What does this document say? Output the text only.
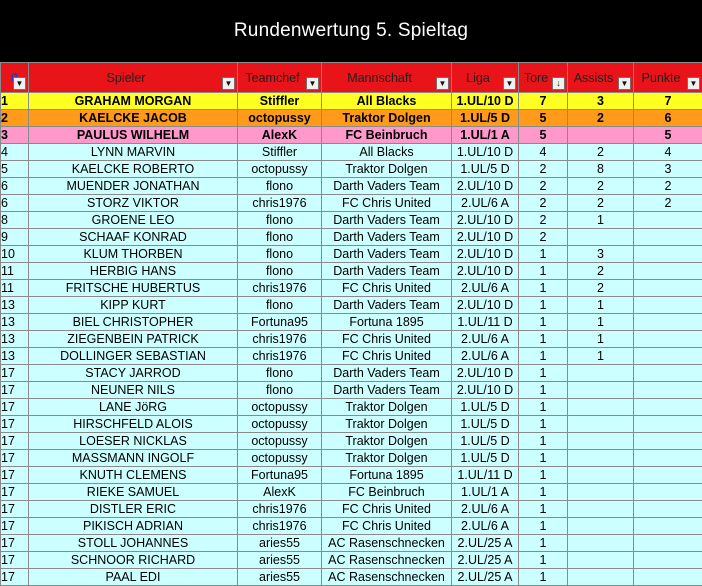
Rundenwertung 5. Spieltag
▼	Spieler ▼	Teamchef ▼	Mannschaft ▼	Liga ▼	Tore ↓	Assists ▼	Punkte ▼

1	GRAHAM MORGAN	Stiffler	All Blacks	1.UL/10 D	7	3	7
2	KAELCKE JACOB	octopussy	Traktor Dolgen	1.UL/5 D	5	2	6
3	PAULUS WILHELM	AlexK	FC Beinbruch	1.UL/1 A	5		5
4	LYNN MARVIN	Stiffler	All Blacks	1.UL/10 D	4	2	4
5	KAELCKE ROBERTO	octopussy	Traktor Dolgen	1.UL/5 D	2	8	3
6	MUENDER JONATHAN	flono	Darth Vaders Team	2.UL/10 D	2	2	2
6	STORZ VIKTOR	chris1976	FC Chris United	2.UL/6 A	2	2	2
8	GROENE LEO	flono	Darth Vaders Team	2.UL/10 D	2	1	
9	SCHAAF KONRAD	flono	Darth Vaders Team	2.UL/10 D	2		
10	KLUM THORBEN	flono	Darth Vaders Team	2.UL/10 D	1	3	
11	HERBIG HANS	flono	Darth Vaders Team	2.UL/10 D	1	2	
11	FRITSCHE HUBERTUS	chris1976	FC Chris United	2.UL/6 A	1	2	
13	KIPP KURT	flono	Darth Vaders Team	2.UL/10 D	1	1	
13	BIEL CHRISTOPHER	Fortuna95	Fortuna 1895	1.UL/11 D	1	1	
13	ZIEGENBEIN PATRICK	chris1976	FC Chris United	2.UL/6 A	1	1	
13	DOLLINGER SEBASTIAN	chris1976	FC Chris United	2.UL/6 A	1	1	
17	STACY JARROD	flono	Darth Vaders Team	2.UL/10 D	1		
17	NEUNER NILS	flono	Darth Vaders Team	2.UL/10 D	1		
17	LANE JöRG	octopussy	Traktor Dolgen	1.UL/5 D	1		
17	HIRSCHFELD ALOIS	octopussy	Traktor Dolgen	1.UL/5 D	1		
17	LOESER NICKLAS	octopussy	Traktor Dolgen	1.UL/5 D	1		
17	MASSMANN INGOLF	octopussy	Traktor Dolgen	1.UL/5 D	1		
17	KNUTH CLEMENS	Fortuna95	Fortuna 1895	1.UL/11 D	1		
17	RIEKE SAMUEL	AlexK	FC Beinbruch	1.UL/1 A	1		
17	DISTLER ERIC	chris1976	FC Chris United	2.UL/6 A	1		
17	PIKISCH ADRIAN	chris1976	FC Chris United	2.UL/6 A	1		
17	STOLL JOHANNES	aries55	AC Rasenschnecken	2.UL/25 A	1		
17	SCHNOOR RICHARD	aries55	AC Rasenschnecken	2.UL/25 A	1		
17	PAAL EDI	aries55	AC Rasenschnecken	2.UL/25 A	1		
